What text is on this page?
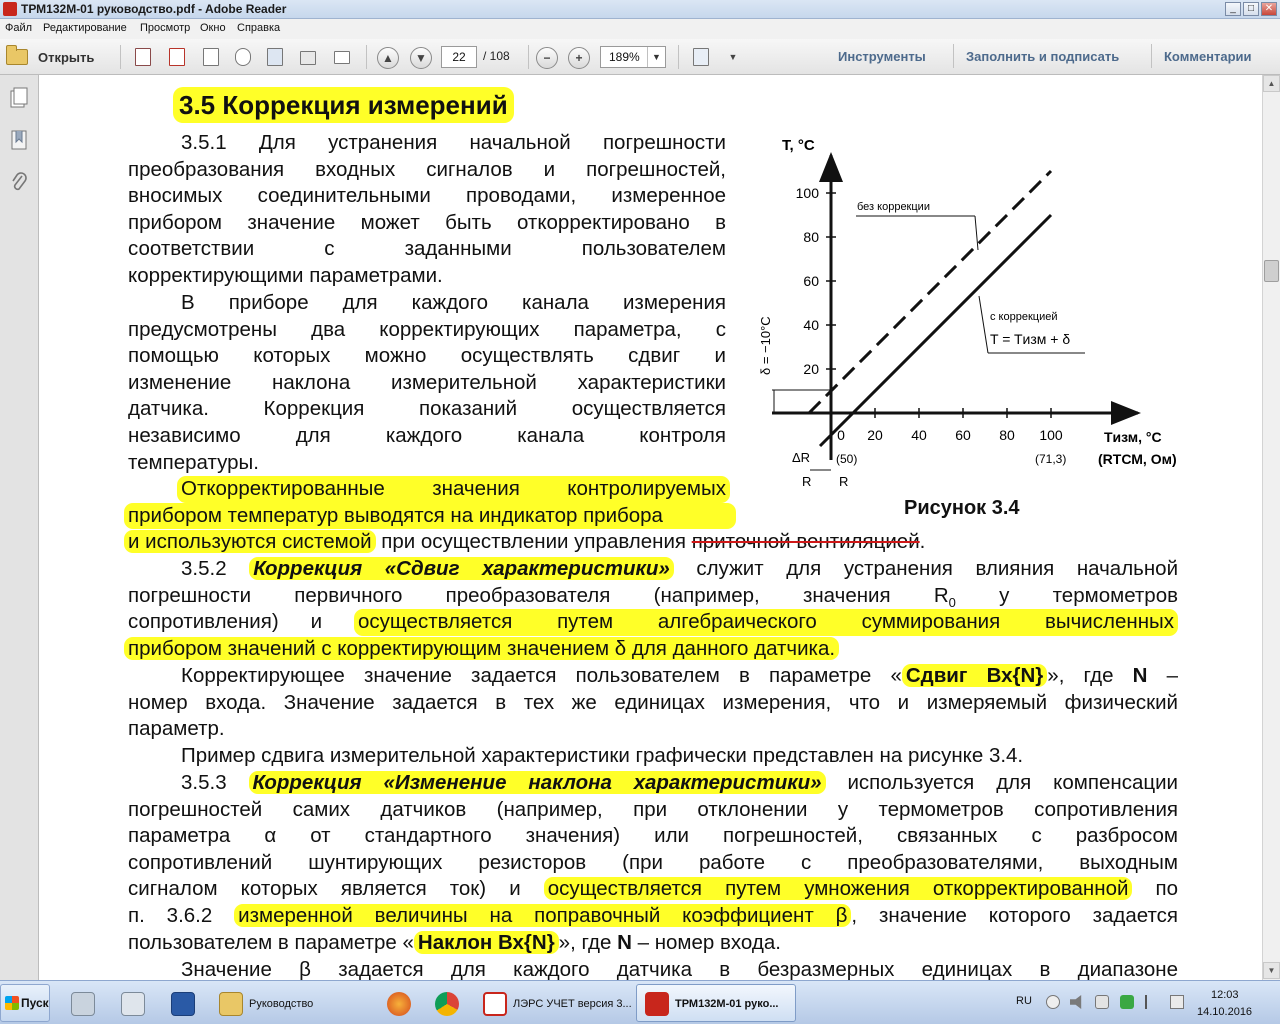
ТРМ132М-01 руководство.pdf - Adobe Reader	_	□	✕
Файл Редактирование Просмотр Окно Справка
Открыть	▲	▼	−	+	▼
22	/ 108	189%	▼	Инструменты	Заполнить и подписать	Комментарии
3.5 Коррекция измерений
3.5.1 Для устранения начальной погрешности
преобразования входных сигналов и погрешностей,
вносимых соединительными проводами, измеренное
прибором значение может быть откорректировано в
соответствии с заданными пользователем
корректирующими параметрами.
В приборе для каждого канала измерения
предусмотрены два корректирующих параметра, с
помощью которых можно осуществлять сдвиг и
изменение наклона измерительной характеристики
датчика. Коррекция показаний осуществляется
независимо для каждого канала контроля
температуры.
Откорректированные значения контролируемых
прибором температур выводятся на индикатор прибора
и используются системой при осуществлении управления приточной вентиляцией.
3.5.2 Коррекция «Сдвиг характеристики» служит для устранения влияния начальной
погрешности первичного преобразователя (например, значения $R_0$ у термометров
сопротивления) и осуществляется путем алгебраического суммирования вычисленных
прибором значений с корректирующим значением δ для данного датчика.
Корректирующее значение задается пользователем в параметре « Сдвиг Вх{N} », где N –
номер входа. Значение задается в тех же единицах измерения, что и измеряемый физический
параметр.
Пример сдвига измерительной характеристики графически представлен на рисунке 3.4.
3.5.3 Коррекция «Изменение наклона характеристики» используется для компенсации
погрешностей самих датчиков (например, при отклонении у термометров сопротивления
параметра α от стандартного значения) или погрешностей, связанных с разбросом
сопротивлений шунтирующих резисторов (при работе с преобразователями, выходным
сигналом которых является ток) и осуществляется путем умножения откорректированной по
п. 3.6.2 измеренной величины на поправочный коэффициент β , значение которого задается
пользователем в параметре « Наклон Вх{N} », где N – номер входа.
Значение β задается для каждого датчика в безразмерных единицах в диапазоне
100
80
60
40
20
0 20 40 60 80 100
T, °C
Tизм, °C
(RТСМ, Ом)
(50)	(71,3)
без коррекции
с коррекцией
T = Tизм + δ
δ = −10°C
ΔR
R R
Рисунок 3.4
▲
▼
Пуск	Руководство	ЛЭРС УЧЕТ версия 3...	ТРМ132М-01 руко...	RU	12:03
14.10.2016
